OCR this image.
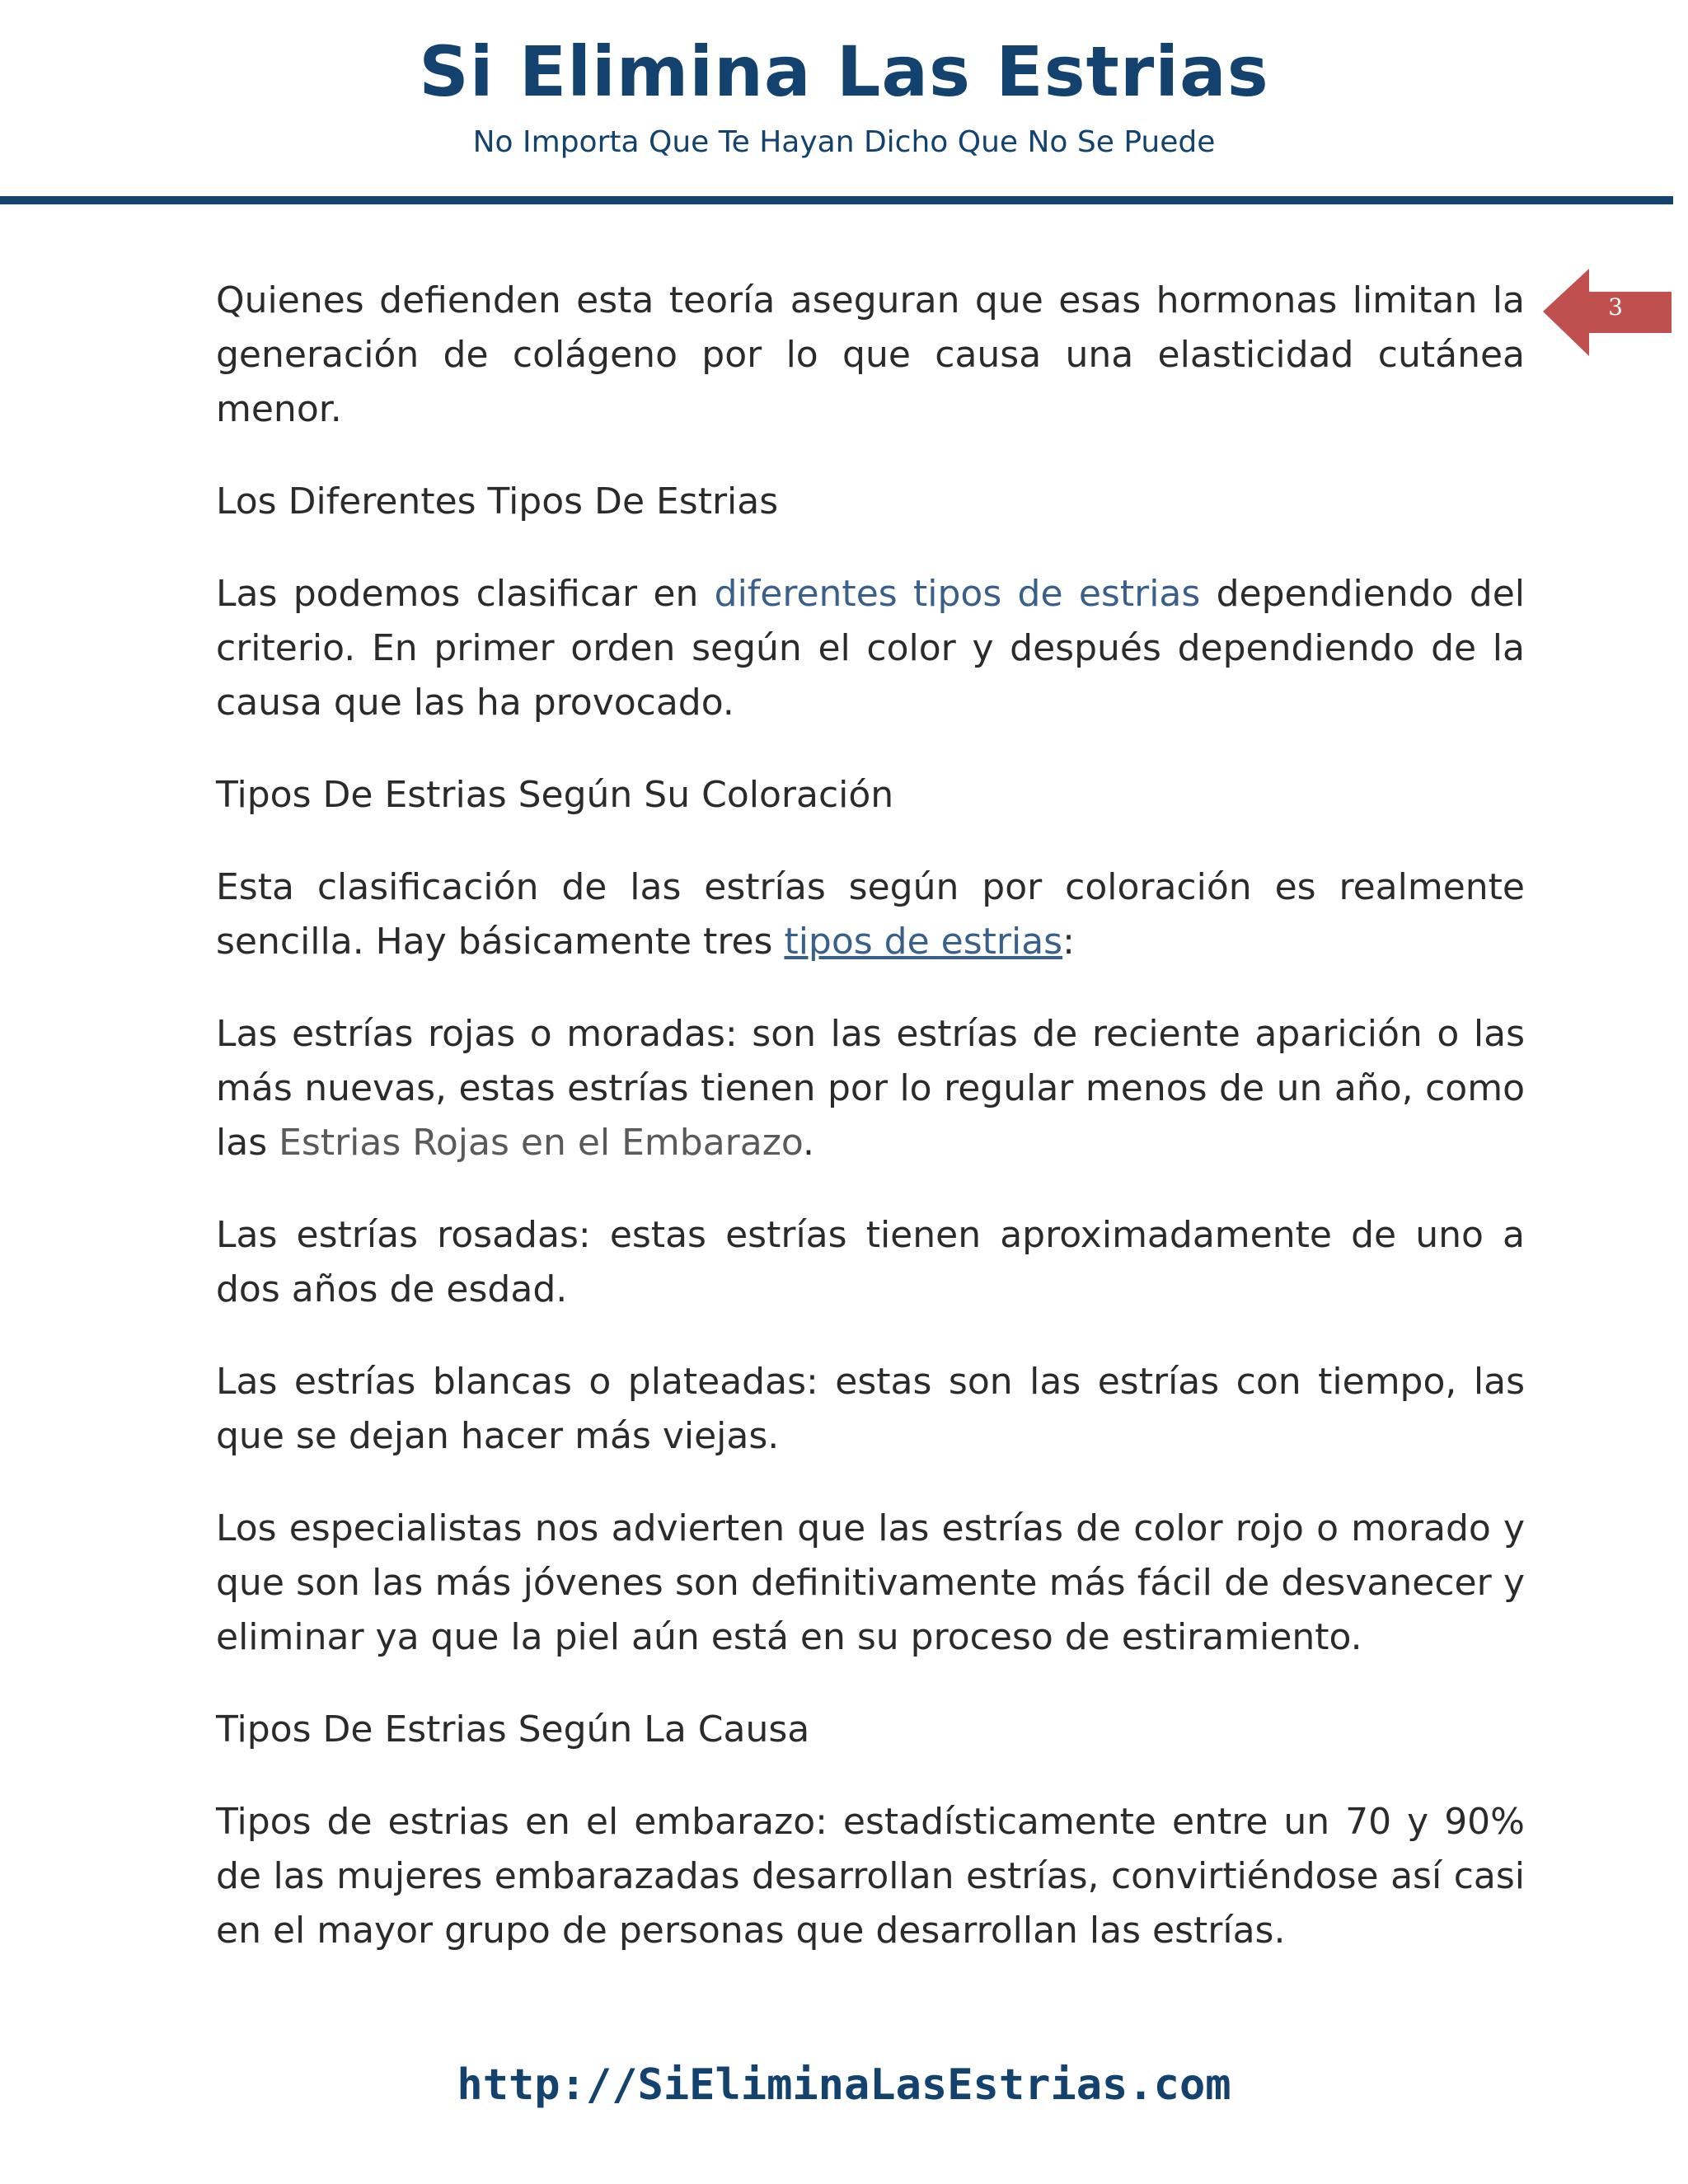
Si Elimina Las Estrias
No Importa Que Te Hayan Dicho Que No Se Puede
3

Quienes defienden esta teoría aseguran que esas hormonas limitan la generación de colágeno por lo que causa una elasticidad cutánea menor.

Los Diferentes Tipos De Estrias

Las podemos clasificar en diferentes tipos de estrias dependiendo del criterio. En primer orden según el color y después dependiendo de la causa que las ha provocado.

Tipos De Estrias Según Su Coloración

Esta clasificación de las estrías según por coloración es realmente sencilla. Hay básicamente tres tipos de estrias:

Las estrías rojas o moradas: son las estrías de reciente aparición o las más nuevas, estas estrías tienen por lo regular menos de un año, como las Estrias Rojas en el Embarazo.

Las estrías rosadas: estas estrías tienen aproximadamente de uno a dos años de esdad.

Las estrías blancas o plateadas: estas son las estrías con tiempo, las que se dejan hacer más viejas.

Los especialistas nos advierten que las estrías de color rojo o morado y que son las más jóvenes son definitivamente más fácil de desvanecer y eliminar ya que la piel aún está en su proceso de estiramiento.

Tipos De Estrias Según La Causa

Tipos de estrias en el embarazo: estadísticamente entre un 70 y 90% de las mujeres embarazadas desarrollan estrías, convirtiéndose así casi en el mayor grupo de personas que desarrollan las estrías.

http://SiEliminaLasEstrias.com
